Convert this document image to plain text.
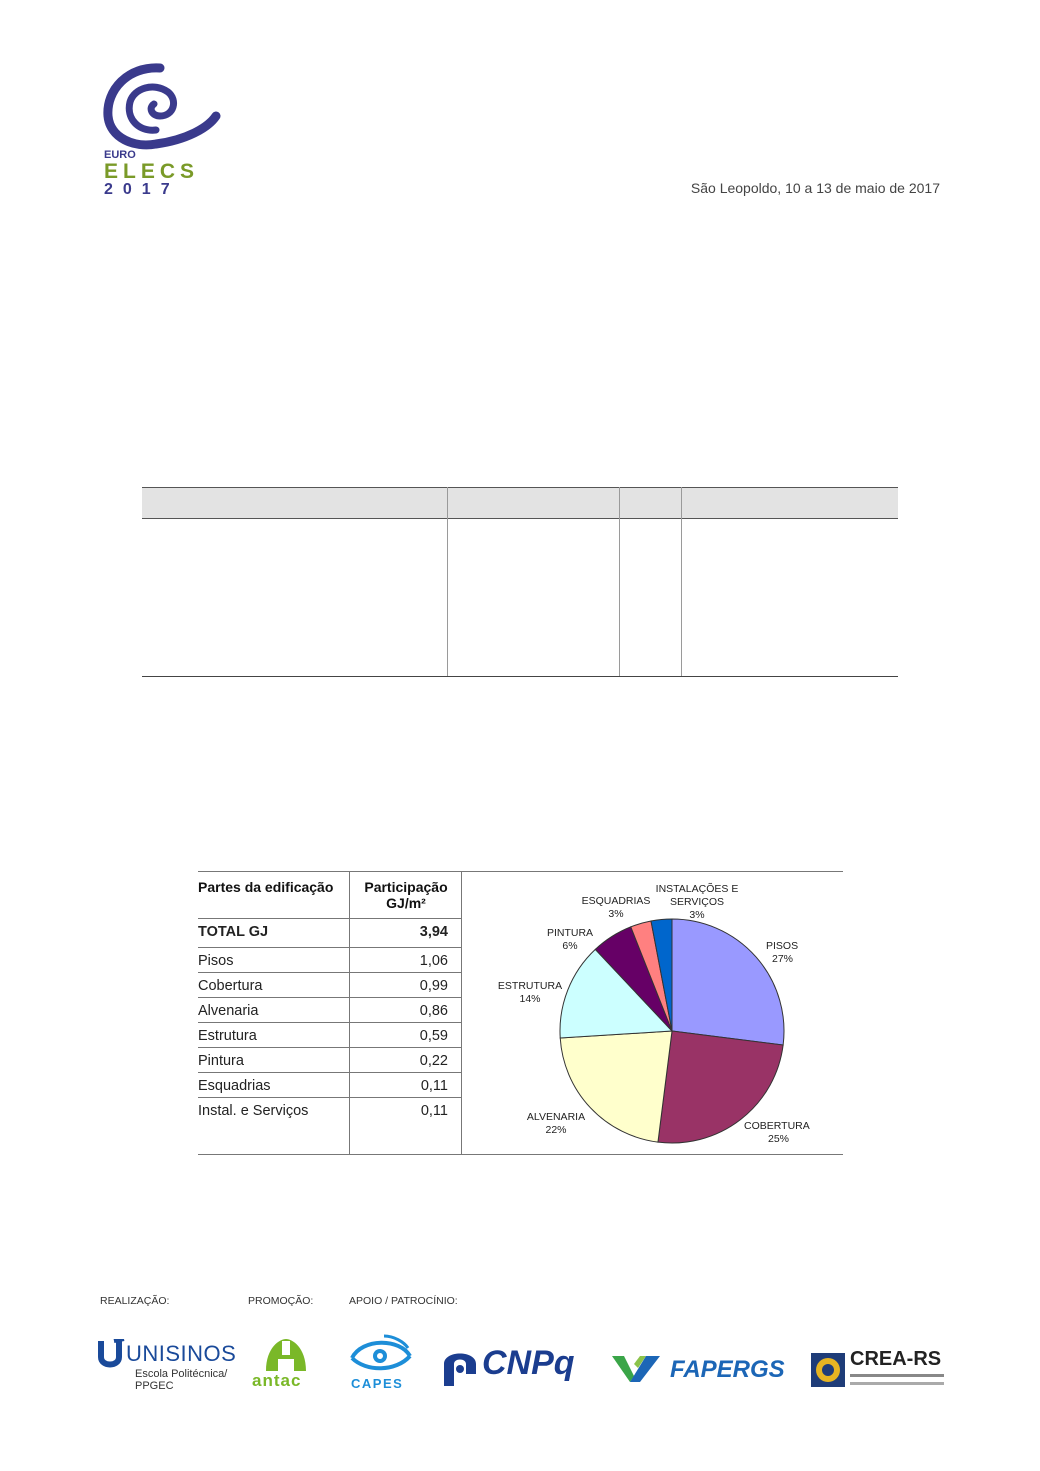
EURO
ELECS
2017	São Leopoldo, 10 a 13 de maio de 2017
Partes da edificação	Participação
GJ/m²
TOTAL GJ	3,94
Pisos	1,06
Cobertura	0,99
Alvenaria	0,86
Estrutura	0,59
Pintura	0,22
Esquadrias	0,11
Instal. e Serviços	0,11
PISOS
27%
COBERTURA
25%
ALVENARIA
22%
ESTRUTURA
14%
PINTURA
6%
ESQUADRIAS
3%
INSTALAÇÕES E
SERVIÇOS
3%
REALIZAÇÃO:	PROMOÇÃO:	APOIO / PATROCÍNIO:
UNISINOS
Escola Politécnica/
PPGEC	antac	CAPES
CNPq	FAPERGS	CREA-RS
